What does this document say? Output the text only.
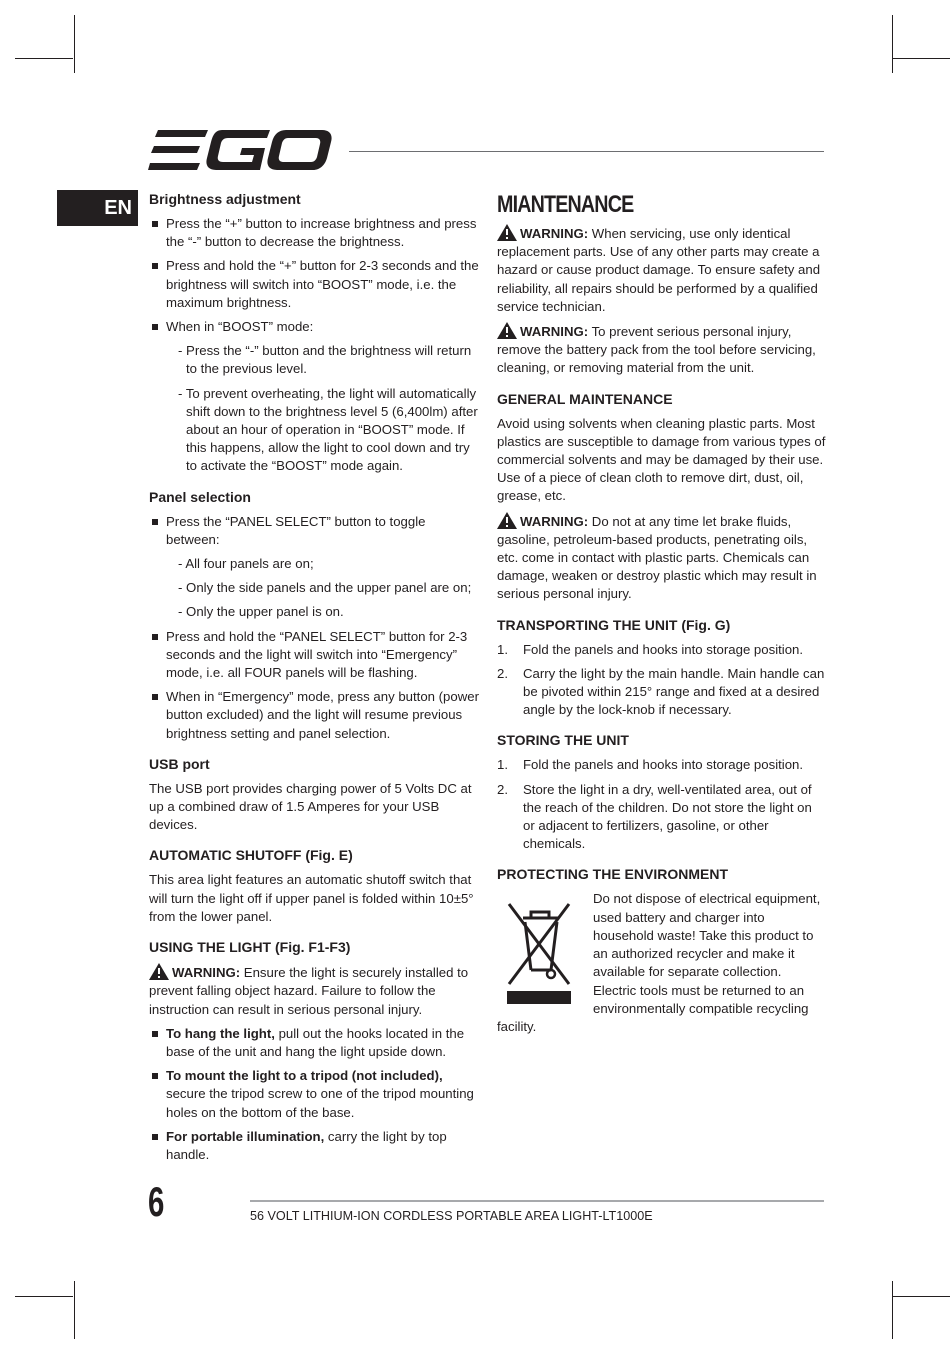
EN	Brightness adjustment
Press the “+” button to increase brightness and press the “-” button to decrease the brightness.
Press and hold the “+” button for 2-3 seconds and the brightness will switch into “BOOST” mode, i.e. the maximum brightness.
When in “BOOST” mode:
- Press the “-” button and the brightness will return to the previous level.
- To prevent overheating, the light will automatically shift down to the brightness level 5 (6,400lm) after about an hour of operation in “BOOST” mode. If this happens, allow the light to cool down and try to activate the “BOOST” mode again.
Panel selection
Press the “PANEL SELECT” button to toggle between:
- All four panels are on;
- Only the side panels and the upper panel are on;
- Only the upper panel is on.
Press and hold the “PANEL SELECT” button for 2-3 seconds and the light will switch into “Emergency” mode, i.e. all FOUR panels will be flashing.
When in “Emergency” mode, press any button (power button excluded) and the light will resume previous brightness setting and panel selection.
USB port

The USB port provides charging power of 5 Volts DC at up a combined draw of 1.5 Amperes for your USB devices.

AUTOMATIC SHUTOFF (Fig. E)

This area light features an automatic shutoff switch that will turn the light off if upper panel is folded within 10±5° from the lower panel.

USING THE LIGHT (Fig. F1-F3)

WARNING: Ensure the light is securely installed to prevent falling object hazard. Failure to follow the instruction can result in serious personal injury.

To hang the light, pull out the hooks located in the base of the unit and hang the light upside down.
To mount the light to a tripod (not included), secure the tripod screw to one of the tripod mounting holes on the bottom of the base.
For portable illumination, carry the light by top handle.
MIANTENANCE

WARNING: When servicing, use only identical replacement parts. Use of any other parts may create a hazard or cause product damage. To ensure safety and reliability, all repairs should be performed by a qualified service technician.

WARNING: To prevent serious personal injury, remove the battery pack from the tool before servicing, cleaning, or removing material from the unit.

GENERAL MAINTENANCE

Avoid using solvents when cleaning plastic parts. Most plastics are susceptible to damage from various types of commercial solvents and may be damaged by their use. Use of a piece of clean cloth to remove dirt, dust, oil, grease, etc.

WARNING: Do not at any time let brake fluids, gasoline, petroleum-based products, penetrating oils, etc. come in contact with plastic parts. Chemicals can damage, weaken or destroy plastic which may result in serious personal injury.

TRANSPORTING THE UNIT (Fig. G)
1. Fold the panels and hooks into storage position.
2. Carry the light by the main handle. Main handle can be pivoted within 215° range and fixed at a desired angle by the lock-knob if necessary.
STORING THE UNIT
1. Fold the panels and hooks into storage position.
2. Store the light in a dry, well-ventilated area, out of the reach of the children. Do not store the light on or adjacent to fertilizers, gasoline, or other chemicals.
PROTECTING THE ENVIRONMENT

Do not dispose of electrical equipment, used battery and charger into household waste! Take this product to an authorized recycler and make it available for separate collection. Electric tools must be returned to an environmentally compatible recycling facility.

6	56 VOLT LITHIUM-ION CORDLESS PORTABLE AREA LIGHT-LT1000E
